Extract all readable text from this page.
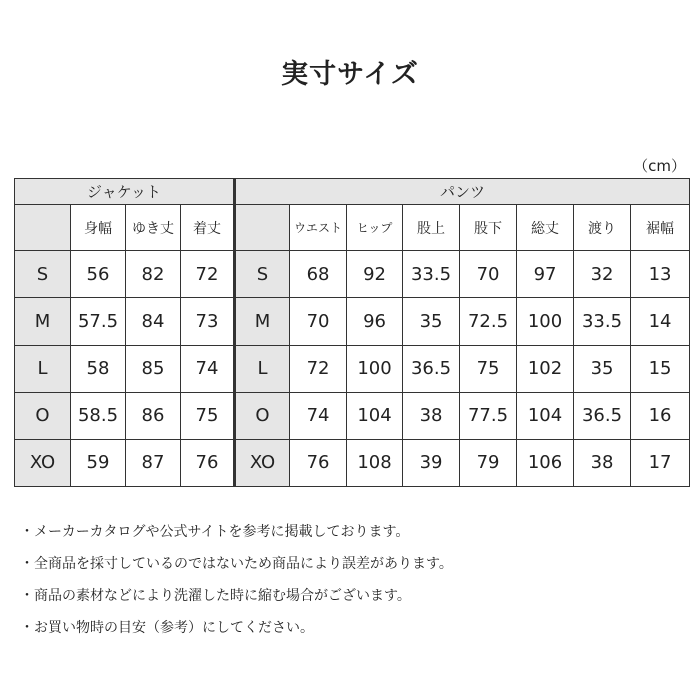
実寸サイズ
（cm）
ジャケット				パンツ							
	身幅	ゆき丈	着丈		ウエスト	ヒップ	股上	股下	総丈	渡り	裾幅
S	56	82	72	S	68	92	33.5	70	97	32	13
M	57.5	84	73	M	70	96	35	72.5	100	33.5	14
L	58	85	74	L	72	100	36.5	75	102	35	15
O	58.5	86	75	O	74	104	38	77.5	104	36.5	16
XO	59	87	76	XO	76	108	39	79	106	38	17
・メーカーカタログや公式サイトを参考に掲載しております。
・全商品を採寸しているのではないため商品により誤差があります。
・商品の素材などにより洗濯した時に縮む場合がございます。
・お買い物時の目安（参考）にしてください。
